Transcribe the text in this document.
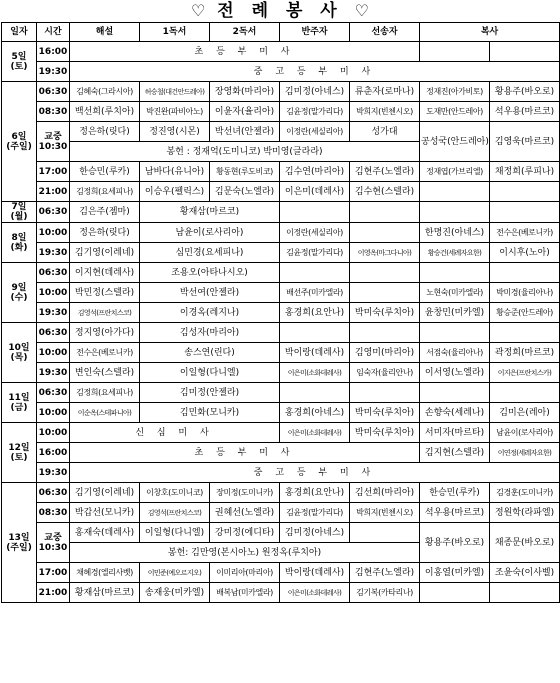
♡ 전 례 봉 사 ♡
일자	시간	해설	1독서	2독서	반주자	선송자	복사	
5일
(토)	16:00	초 등 부 미 사						
	19:30	중 고 등 부 미 사						
6일
(주일)	06:30	김혜숙(그라시아)	허승철(대건안드레아)	장영화(마리아)	김미정(아네스)	류춘자(로마나)	정재진(아가비토)	황용주(바오로)
	08:30	백선희(루치아)	박진완(파비아노)	이윤자(율리아)	김윤정(말가리다)	박희지(빈첸시오)	도재만(안드레아)	석우용(마르코)
	교중
10:30	정은하(릿다)	정진영(시몬)	박선녀(안젤라)	이정란(세실리아)	성가대	공성국(안드레아)	김영욱(마르코)
		봉헌 : 정재억(도미니코) 박미영(글라라)						
	17:00	한승민(루카)	남바다(유니아)	황동현(루도비코)	김수연(마리아)	김현주(노엘라)	정재엽(가브리엘)	채정희(루피나)
	21:00	김정희(요세피나)	이승우(펠릭스)	김문숙(노엘라)	이은미(데레사)	김수현(스텔라)		
7일
(월)	06:30	김은주(젬마)	황재삼(마르코)					
8일
(화)	10:00	정은하(릿다)	남윤이(로사리아)		이정란(세실리아)		한명진(아네스)	전수은(베로니카)
	19:30	김기영(이레네)	심민경(요세피나)		김윤정(말가리다)	이영옥(마그다니아)	황승건(세례자요한)	이시후(노아)
9일
(수)	06:30	이지현(데레사)	조용오(아타나시오)					
	10:00	박민정(스텔라)	박선여(안젤라)		배선주(미카엘라)		노현숙(미카엘라)	박미경(율리아나)
	19:30	김영석(프란치스코)	이경옥(레지나)		홍경희(요안나)	박미숙(루치아)	윤창민(미카엘)	황승준(안드레아)
10일
(목)	06:30	정지영(아가다)	김성자(마리아)					
	10:00	전수은(베로니카)	송스연(린다)		박이랑(데레사)	김영미(마리아)	서점숙(율리아나)	곽정희(마르코)
	19:30	변인숙(스텔라)	이일형(다니엘)		이은미(소화데레사)	임숙자(율리안나)	이서영(노엘라)	이지은(프란치스카)
11일
(금)	06:30	김정희(요세피나)	김미정(안젤라)					
	10:00	이순옥(스테파니아)	김민화(모니카)		홍경희(아네스)	박미숙(루치아)	손향숙(세레나)	김미은(레아)
12일
(토)	10:00	신 심 미 사			이은미(소화데레사)	박미숙(루치아)	서미자(마르타)	남윤이(로사리아)
	16:00	초 등 부 미 사					김지현(스텔라)	이연정(세레자요한)
	19:30	중 고 등 부 미 사						
13일
(주일)	06:30	김기영(이레네)	이창호(도미니코)	장미정(도미니카)	홍경희(요안나)	김선희(마리아)	한승민(루카)	김경훈(도미니카)
	08:30	박갑선(모니카)	김영석(프란치스코)	권혜선(노엘라)	김윤정(말가리다)	박희지(빈첸시오)	석우용(마르코)	정원학(라파엘)
	교중
10:30	홍재숙(데레사)	이일형(다니엘)	강미정(에디타)	김미정(아네스)		황용주(바오로)	채종문(바오로)
		봉헌: 김만영(본시아노) 원정옥(루치아)						
	17:00	채혜경(엘리사벳)	이민준(예오르지오)	이미리아(마리아)	박이랑(데레사)	김현주(노엘라)	이홍열(미카엘)	조윤숙(이사벨)
	21:00	황재삼(마르코)	송재웅(미카엘)	배복남(미카엘라)	이은미(소화데레사)	김기복(카타리나)		
